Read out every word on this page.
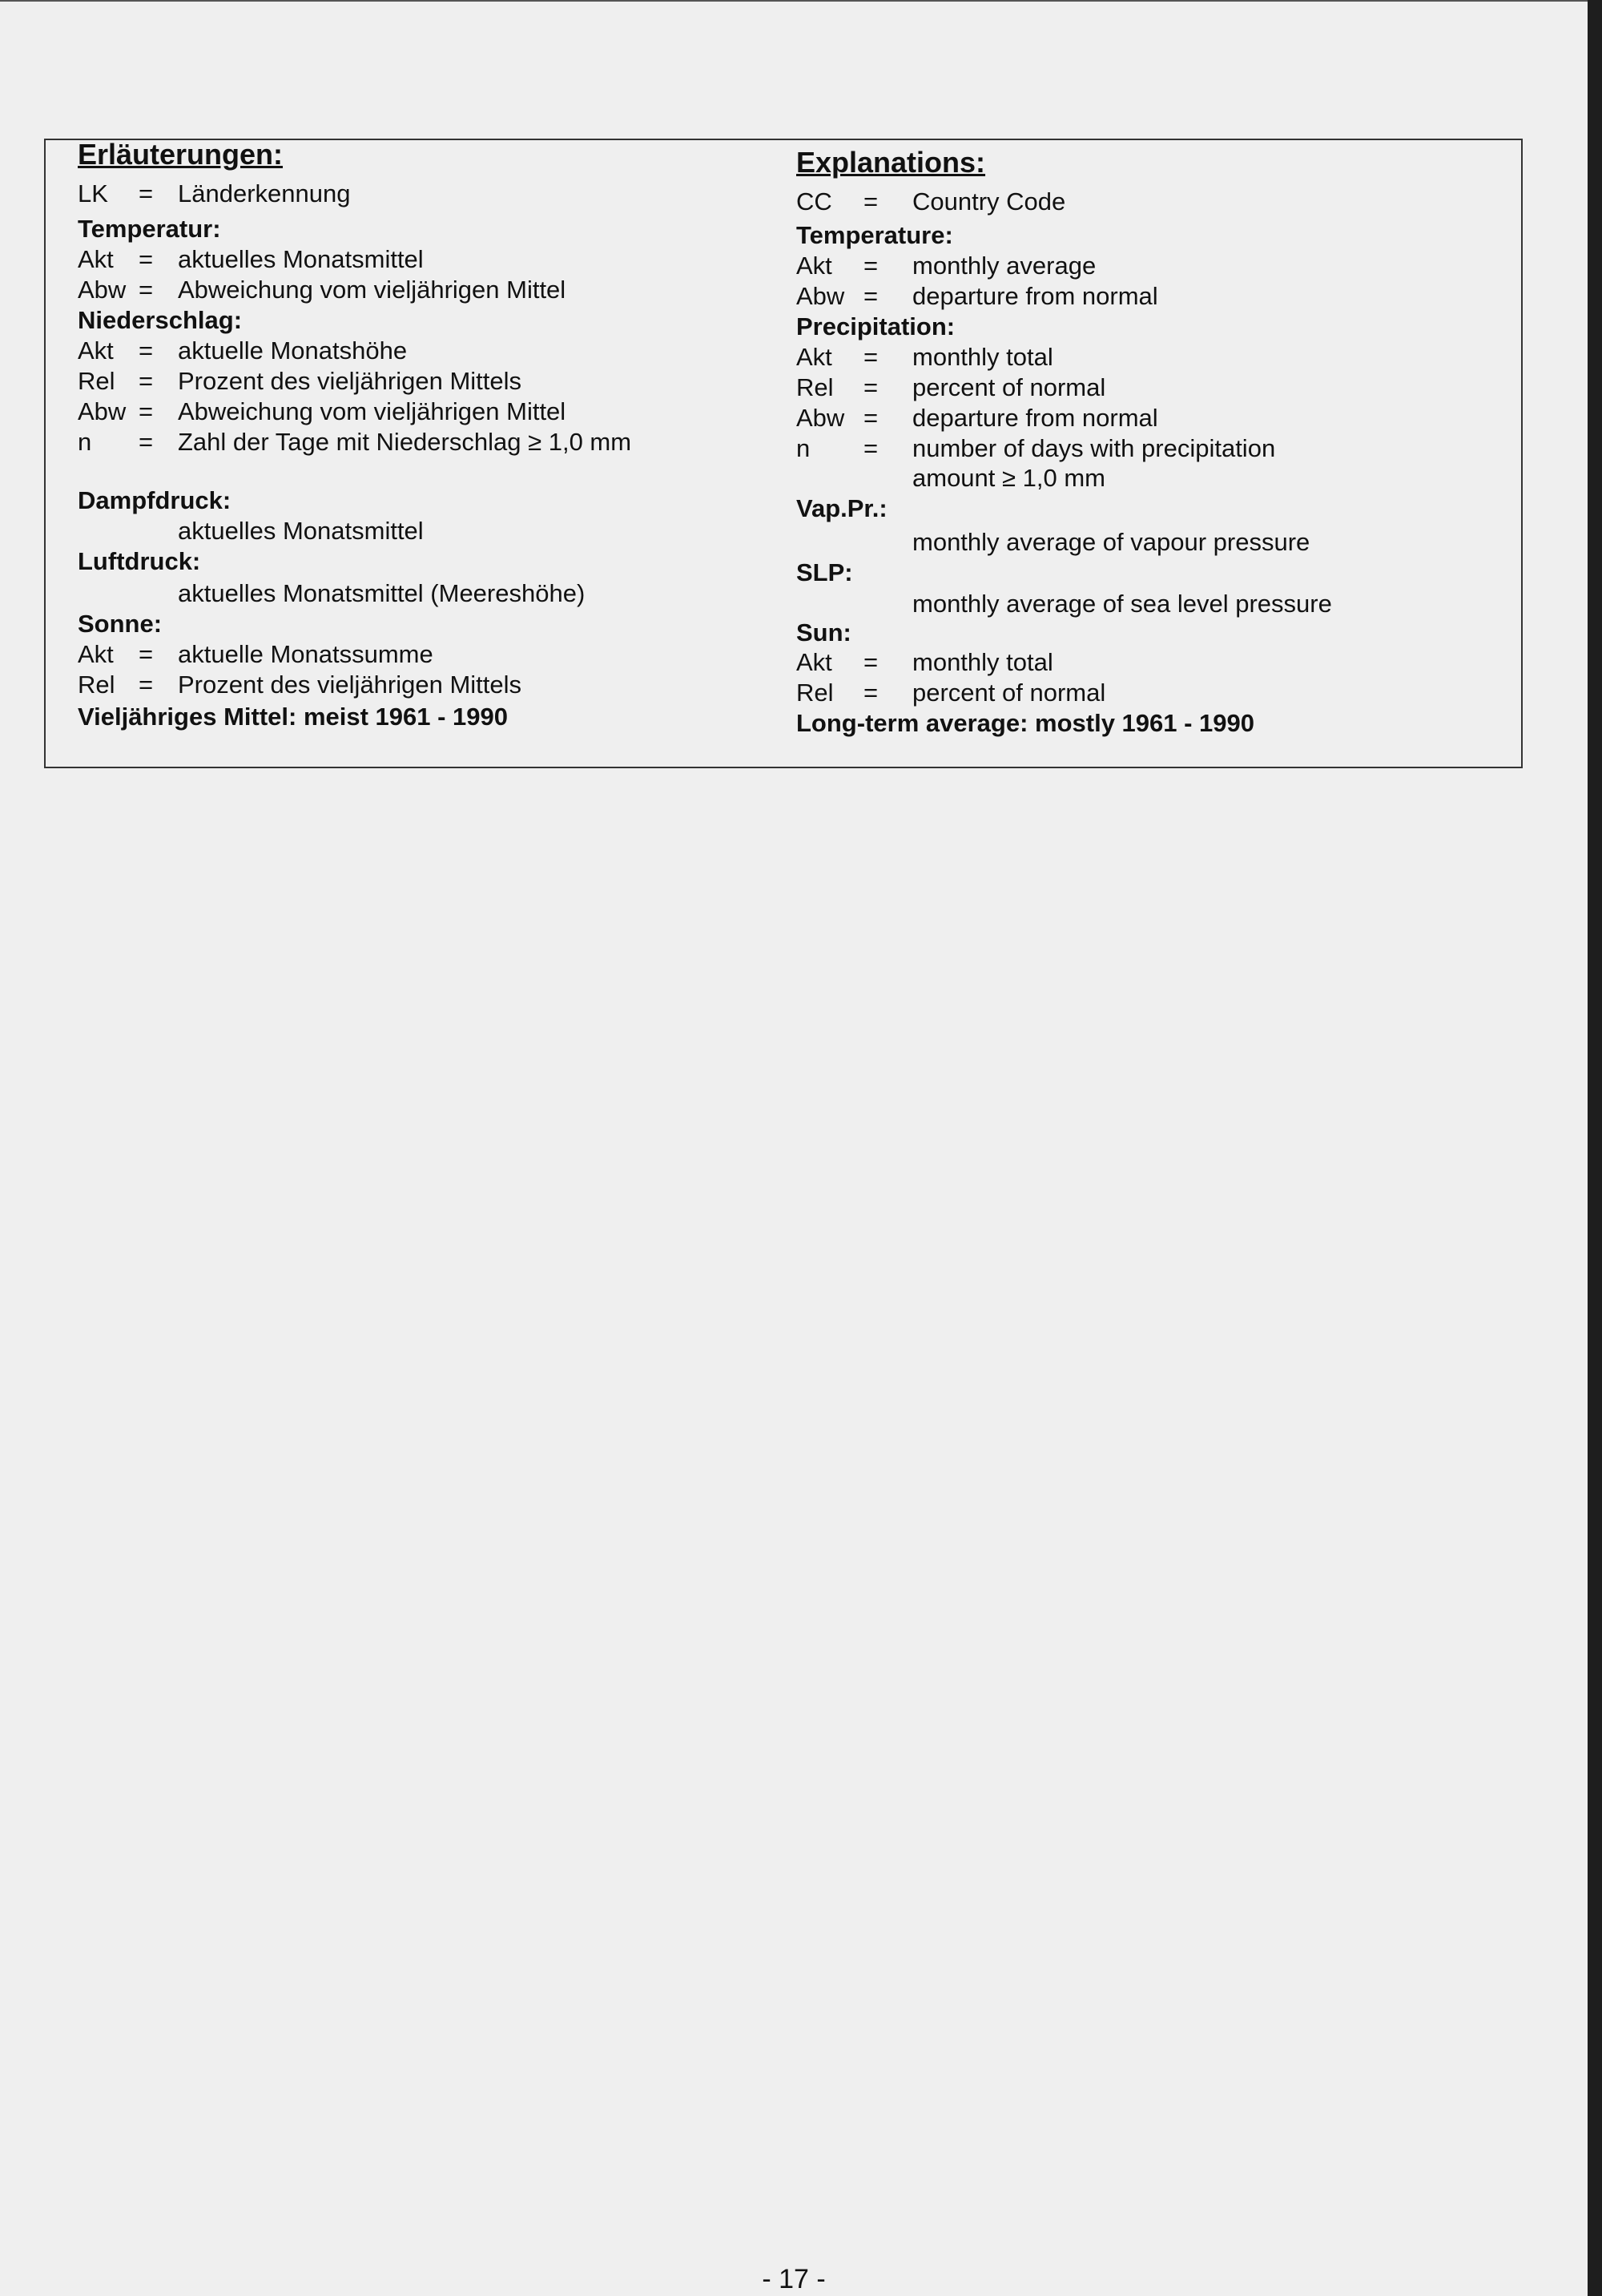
Erläuterungen:
LK = Länderkennung
Temperatur:
Akt = aktuelles Monatsmittel
Abw = Abweichung vom vieljährigen Mittel
Niederschlag:
Akt = aktuelle Monatshöhe
Rel = Prozent des vieljährigen Mittels
Abw = Abweichung vom vieljährigen Mittel
n = Zahl der Tage mit Niederschlag ≥ 1,0 mm
Dampfdruck:
aktuelles Monatsmittel
Luftdruck:
aktuelles Monatsmittel (Meereshöhe)
Sonne:
Akt = aktuelle Monatssumme
Rel = Prozent des vieljährigen Mittels
Vieljähriges Mittel: meist 1961 - 1990
Explanations:
CC = Country Code
Temperature:
Akt = monthly average
Abw = departure from normal
Precipitation:
Akt = monthly total
Rel = percent of normal
Abw = departure from normal
n = number of days with precipitation
amount ≥ 1,0 mm
Vap.Pr.:
monthly average of vapour pressure
SLP:
monthly average of sea level pressure
Sun:
Akt = monthly total
Rel = percent of normal
Long-term average: mostly 1961 - 1990
- 17 -
